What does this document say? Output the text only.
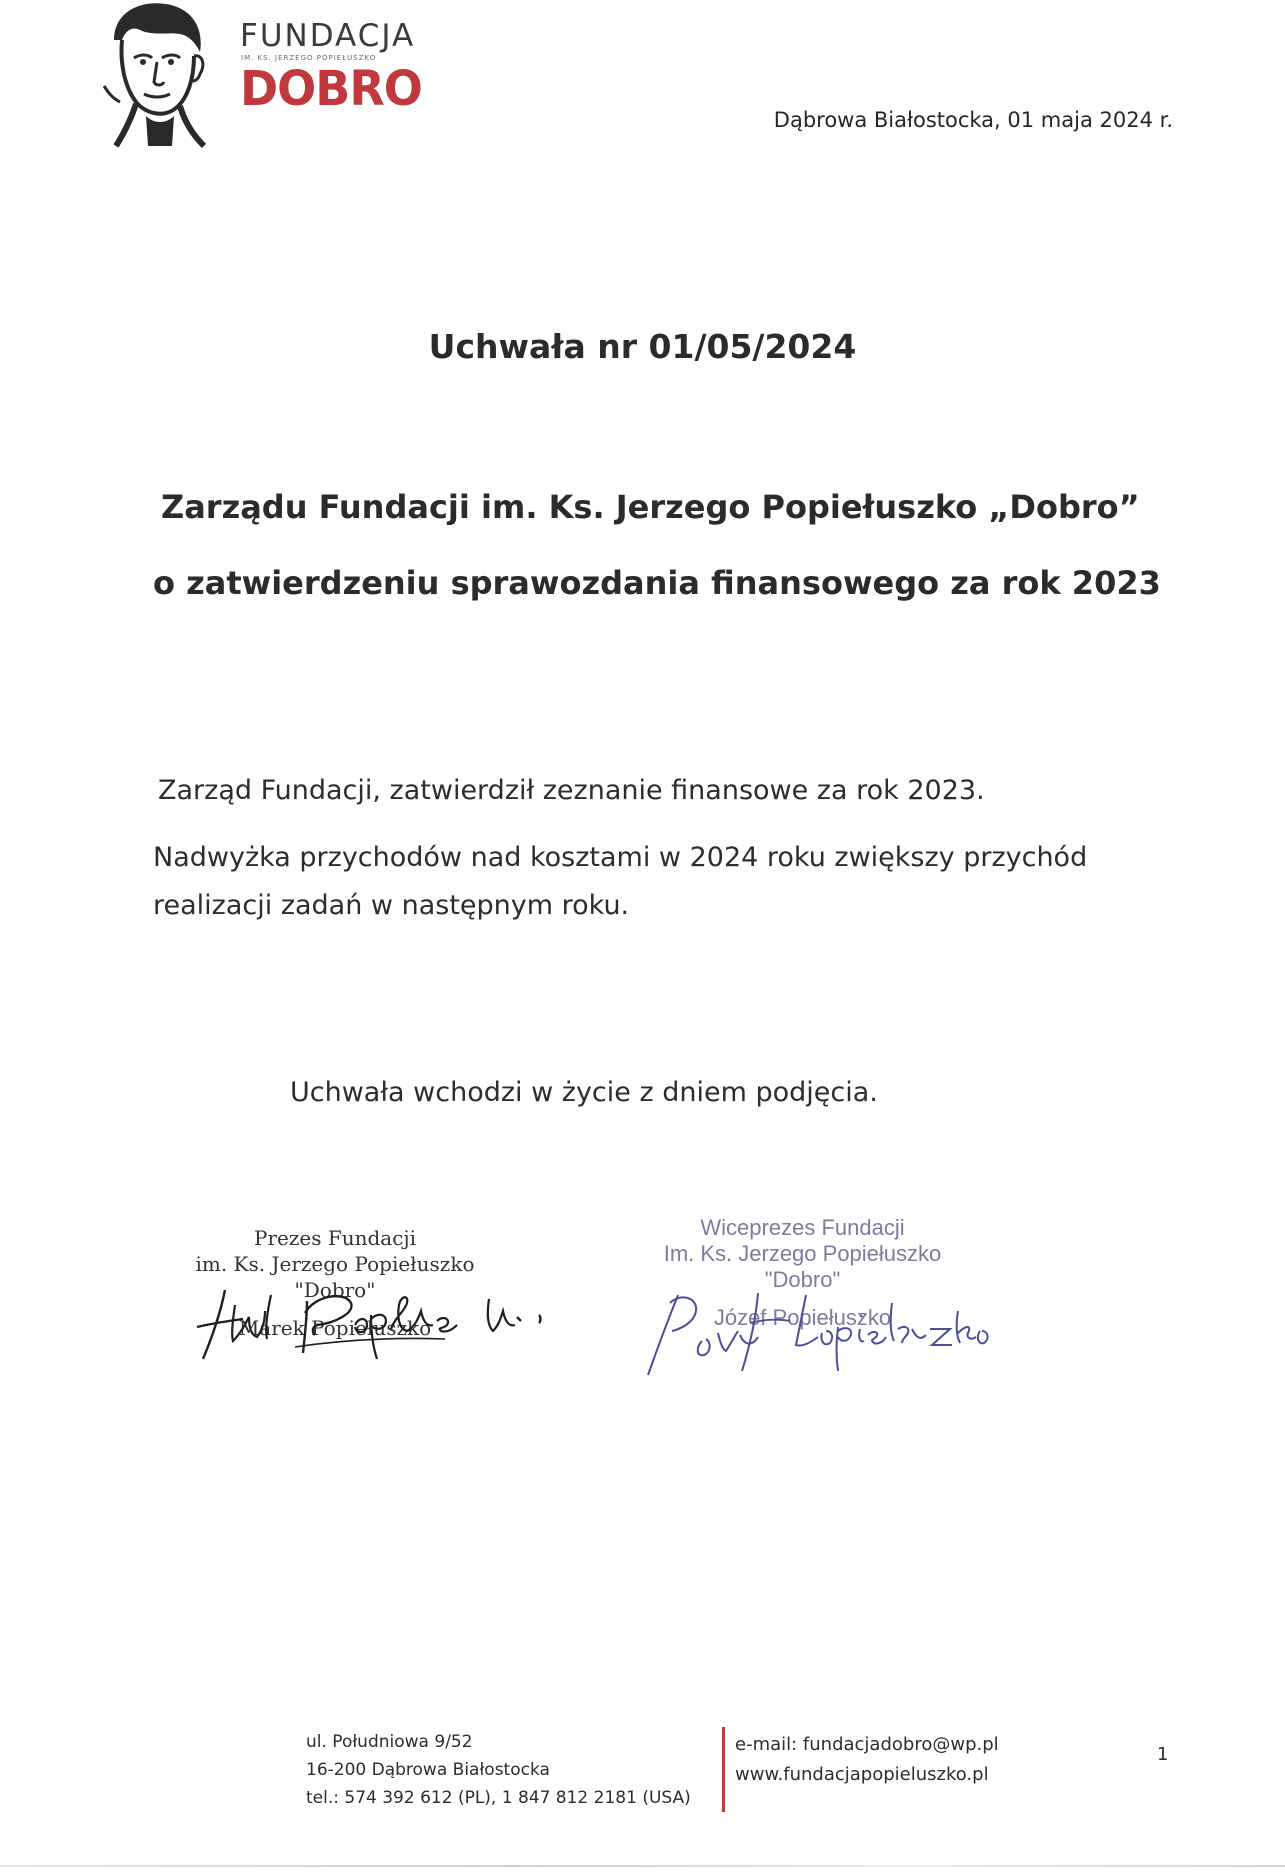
FUNDACJA
IM. KS. JERZEGO POPIEŁUSZKO
DOBRO
Dąbrowa Białostocka, 01 maja 2024 r.
Uchwała nr 01/05/2024
Zarządu Fundacji im. Ks. Jerzego Popiełuszko „Dobro”
o zatwierdzeniu sprawozdania finansowego za rok 2023
Zarząd Fundacji, zatwierdził zeznanie finansowe za rok 2023.
Nadwyżka przychodów nad kosztami w 2024 roku zwiększy przychód realizacji zadań w następnym roku.
Uchwała wchodzi w życie z dniem podjęcia.
Prezes Fundacji
im. Ks. Jerzego Popiełuszko
"Dobro"
Marek Popiełuszko
Wiceprezes Fundacji
Im. Ks. Jerzego Popiełuszko
"Dobro"
Józef Popiełuszko
ul. Południowa 9/52
16-200 Dąbrowa Białostocka
tel.: 574 392 612 (PL), 1 847 812 2181 (USA)
e-mail: fundacjadobro@wp.pl
www.fundacjapopieluszko.pl
1
